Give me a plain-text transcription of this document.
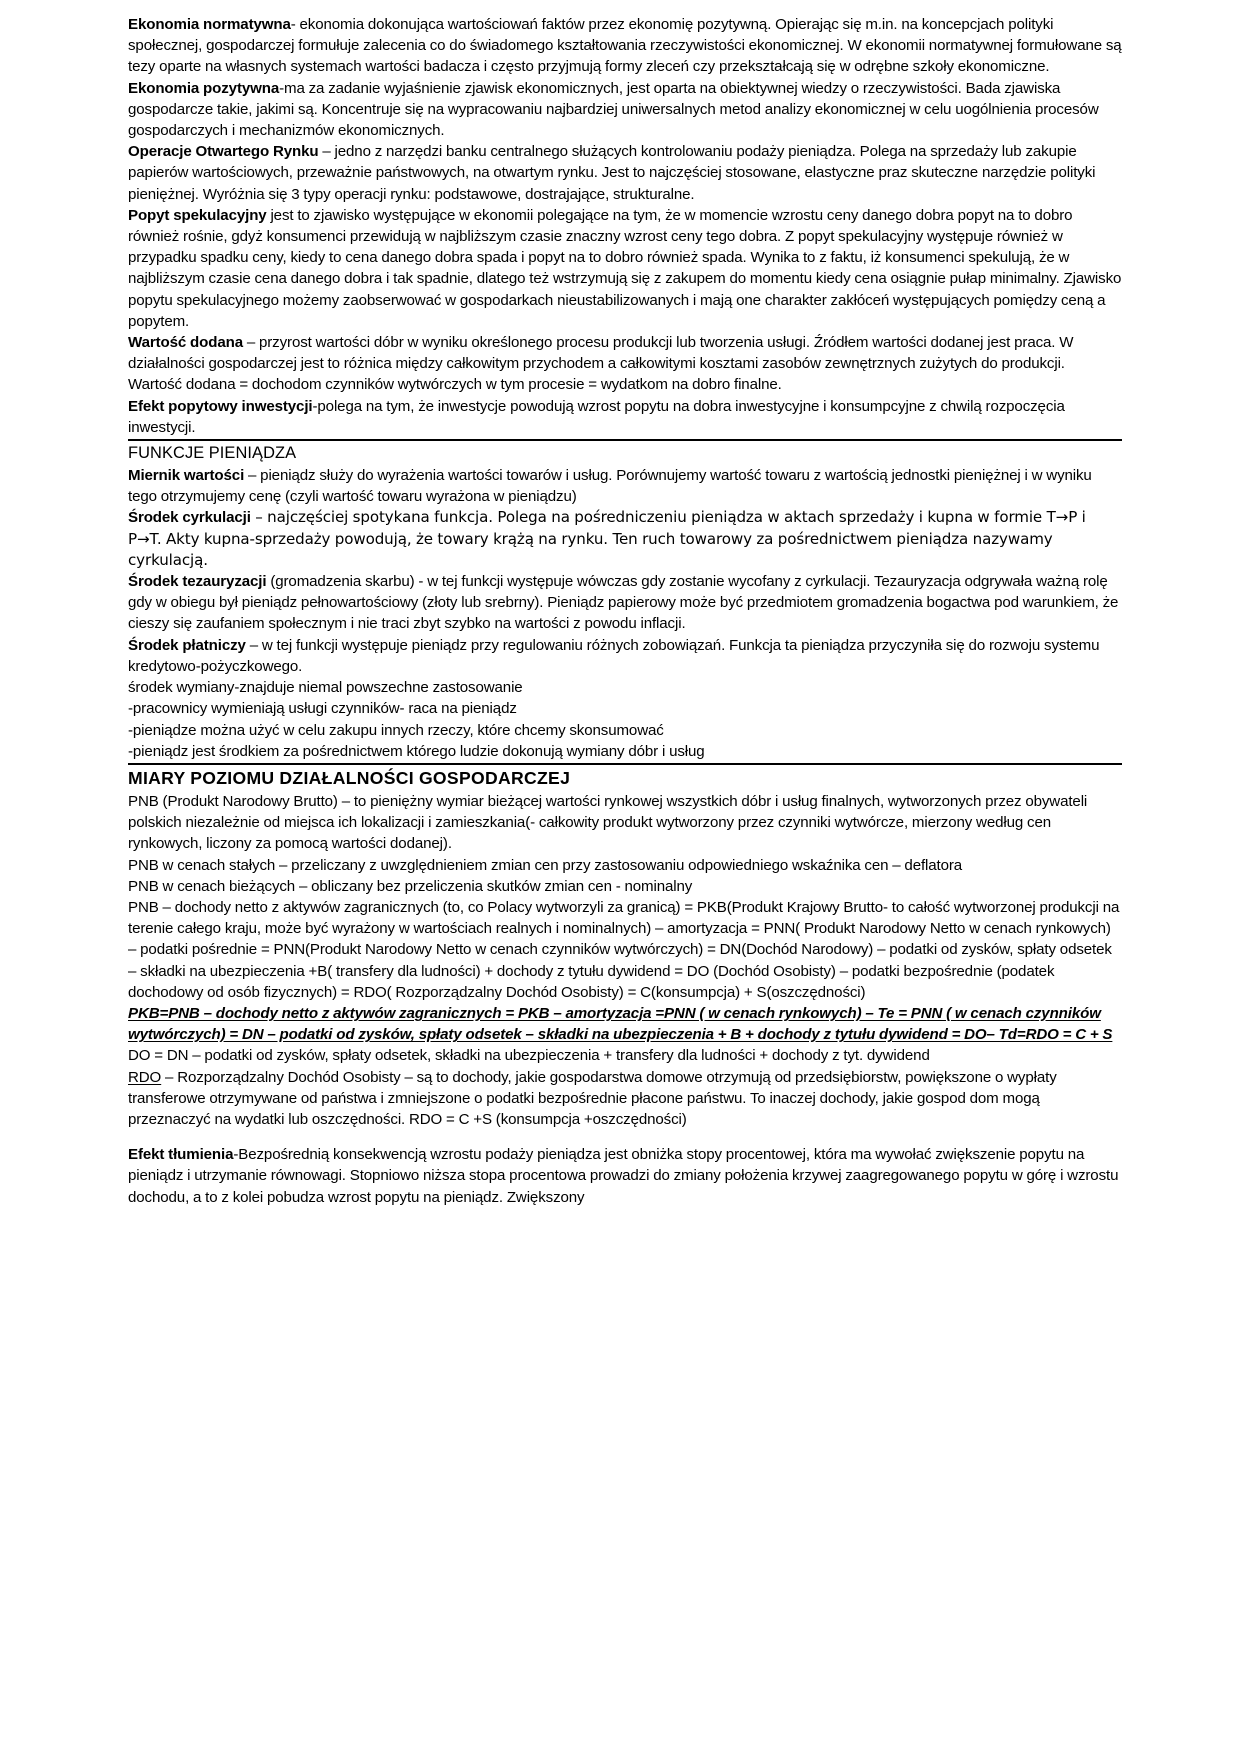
Ekonomia normatywna- ekonomia dokonująca wartościowań faktów przez ekonomię pozytywną. Opierając się m.in. na koncepcjach polityki społecznej, gospodarczej formułuje zalecenia co do świadomego kształtowania rzeczywistości ekonomicznej. W ekonomii normatywnej formułowane są tezy oparte na własnych systemach wartości badacza i często przyjmują formy zleceń czy przekształcają się w odrębne szkoły ekonomiczne.

Ekonomia pozytywna-ma za zadanie wyjaśnienie zjawisk ekonomicznych, jest oparta na obiektywnej wiedzy o rzeczywistości. Bada zjawiska gospodarcze takie, jakimi są. Koncentruje się na wypracowaniu najbardziej uniwersalnych metod analizy ekonomicznej w celu uogólnienia procesów gospodarczych i mechanizmów ekonomicznych.

Operacje Otwartego Rynku – jedno z narzędzi banku centralnego służących kontrolowaniu podaży pieniądza. Polega na sprzedaży lub zakupie papierów wartościowych, przeważnie państwowych, na otwartym rynku. Jest to najczęściej stosowane, elastyczne praz skuteczne narzędzie polityki pieniężnej. Wyróżnia się 3 typy operacji rynku: podstawowe, dostrajające, strukturalne.

Popyt spekulacyjny jest to zjawisko występujące w ekonomii polegające na tym, że w momencie wzrostu ceny danego dobra popyt na to dobro również rośnie, gdyż konsumenci przewidują w najbliższym czasie znaczny wzrost ceny tego dobra. Z popyt spekulacyjny występuje również w przypadku spadku ceny, kiedy to cena danego dobra spada i popyt na to dobro również spada. Wynika to z faktu, iż konsumenci spekulują, że w najbliższym czasie cena danego dobra i tak spadnie, dlatego też wstrzymują się z zakupem do momentu kiedy cena osiągnie pułap minimalny. Zjawisko popytu spekulacyjnego możemy zaobserwować w gospodarkach nieustabilizowanych i mają one charakter zakłóceń występujących pomiędzy ceną a popytem.

Wartość dodana – przyrost wartości dóbr w wyniku określonego procesu produkcji lub tworzenia usługi. Źródłem wartości dodanej jest praca. W działalności gospodarczej jest to różnica między całkowitym przychodem a całkowitymi kosztami zasobów zewnętrznych zużytych do produkcji. Wartość dodana = dochodom czynników wytwórczych w tym procesie = wydatkom na dobro finalne.

Efekt popytowy inwestycji-polega na tym, że inwestycje powodują wzrost popytu na dobra inwestycyjne i konsumpcyjne z chwilą rozpoczęcia inwestycji.

FUNKCJE PIENIĄDZA

Miernik wartości – pieniądz służy do wyrażenia wartości towarów i usług. Porównujemy wartość towaru z wartością jednostki pieniężnej i w wyniku tego otrzymujemy cenę (czyli wartość towaru wyrażona w pieniądzu)

Środek cyrkulacji – najczęściej spotykana funkcja. Polega na pośredniczeniu pieniądza w aktach sprzedaży i kupna w formie T→P i P→T. Akty kupna-sprzedaży powodują, że towary krążą na rynku. Ten ruch towarowy za pośrednictwem pieniądza nazywamy cyrkulacją.

Środek tezauryzacji (gromadzenia skarbu) - w tej funkcji występuje wówczas gdy zostanie wycofany z cyrkulacji. Tezauryzacja odgrywała ważną rolę gdy w obiegu był pieniądz pełnowartościowy (złoty lub srebrny). Pieniądz papierowy może być przedmiotem gromadzenia bogactwa pod warunkiem, że cieszy się zaufaniem społecznym i nie traci zbyt szybko na wartości z powodu inflacji.

Środek płatniczy – w tej funkcji występuje pieniądz przy regulowaniu różnych zobowiązań. Funkcja ta pieniądza przyczyniła się do rozwoju systemu kredytowo-pożyczkowego.

środek wymiany-znajduje niemal powszechne zastosowanie

-pracownicy wymieniają usługi czynników- raca na pieniądz

-pieniądze można użyć w celu zakupu innych rzeczy, które chcemy skonsumować

-pieniądz jest środkiem za pośrednictwem którego ludzie dokonują wymiany dóbr i usług

MIARY POZIOMU DZIAŁALNOŚCI GOSPODARCZEJ

PNB (Produkt Narodowy Brutto) – to pieniężny wymiar bieżącej wartości rynkowej wszystkich dóbr i usług finalnych, wytworzonych przez obywateli polskich niezależnie od miejsca ich lokalizacji i zamieszkania(- całkowity produkt wytworzony przez czynniki wytwórcze, mierzony według cen rynkowych, liczony za pomocą wartości dodanej).

PNB w cenach stałych – przeliczany z uwzględnieniem zmian cen przy zastosowaniu odpowiedniego wskaźnika cen – deflatora

PNB w cenach bieżących – obliczany bez przeliczenia skutków zmian cen - nominalny

PNB – dochody netto z aktywów zagranicznych (to, co Polacy wytworzyli za granicą) = PKB(Produkt Krajowy Brutto- to całość wytworzonej produkcji na terenie całego kraju, może być wyrażony w wartościach realnych i nominalnych) – amortyzacja = PNN( Produkt Narodowy Netto w cenach rynkowych) – podatki pośrednie = PNN(Produkt Narodowy Netto w cenach czynników wytwórczych) = DN(Dochód Narodowy) – podatki od zysków, spłaty odsetek – składki na ubezpieczenia +B( transfery dla ludności) + dochody z tytułu dywidend = DO (Dochód Osobisty) – podatki bezpośrednie (podatek dochodowy od osób fizycznych) = RDO( Rozporządzalny Dochód Osobisty) = C(konsumpcja) + S(oszczędności)

PKB=PNB – dochody netto z aktywów zagranicznych = PKB – amortyzacja =PNN ( w cenach rynkowych) – Te = PNN ( w cenach czynników wytwórczych) = DN – podatki od zysków, spłaty odsetek – składki na ubezpieczenia + B + dochody z tytułu dywidend = DO– Td=RDO = C + S

DO = DN – podatki od zysków, spłaty odsetek, składki na ubezpieczenia + transfery dla ludności + dochody z tyt. dywidend

RDO – Rozporządzalny Dochód Osobisty – są to dochody, jakie gospodarstwa domowe otrzymują od przedsiębiorstw, powiększone o wypłaty transferowe otrzymywane od państwa i zmniejszone o podatki bezpośrednie płacone państwu. To inaczej dochody, jakie gospod dom mogą przeznaczyć na wydatki lub oszczędności. RDO = C +S (konsumpcja +oszczędności)

Efekt tłumienia-Bezpośrednią konsekwencją wzrostu podaży pieniądza jest obniżka stopy procentowej, która ma wywołać zwiększenie popytu na pieniądz i utrzymanie równowagi. Stopniowo niższa stopa procentowa prowadzi do zmiany położenia krzywej zaagregowanego popytu w górę i wzrostu dochodu, a to z kolei pobudza wzrost popytu na pieniądz. Zwiększony
